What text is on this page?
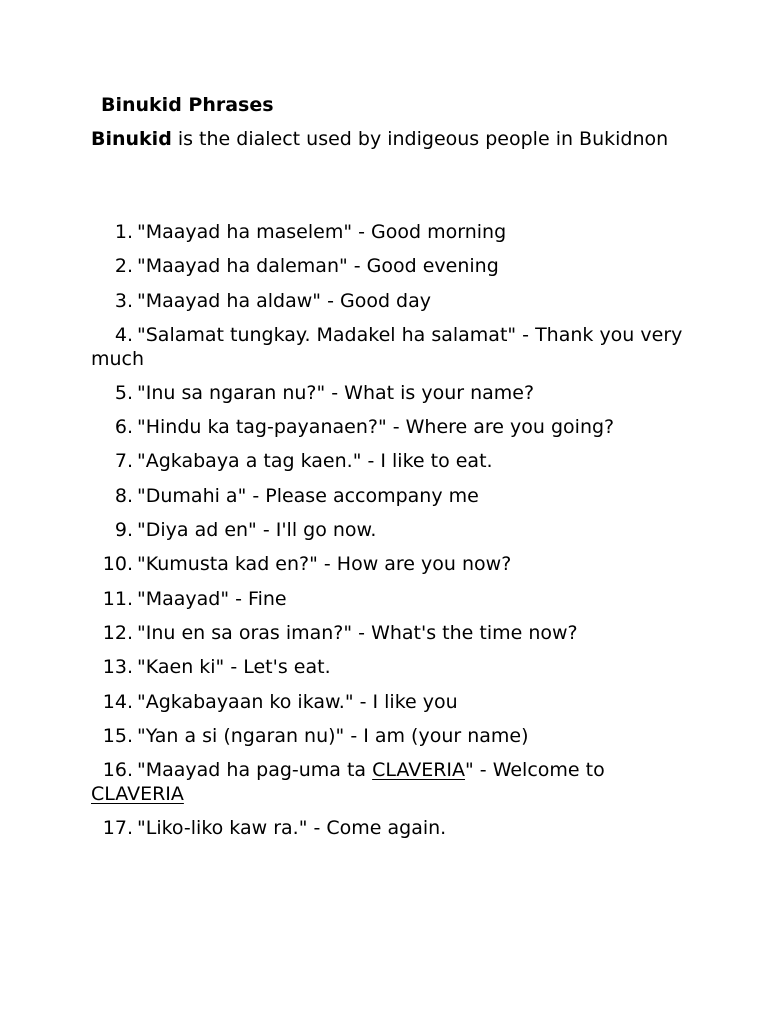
Binukid Phrases
Binukid is the dialect used by indigeous people in Bukidnon
1. "Maayad ha maselem" - Good morning
2. "Maayad ha daleman" - Good evening
3. "Maayad ha aldaw" - Good day
4. "Salamat tungkay. Madakel ha salamat" - Thank you very much
5. "Inu sa ngaran nu?" - What is your name?
6. "Hindu ka tag-payanaen?" - Where are you going?
7. "Agkabaya a tag kaen." - I like to eat.
8. "Dumahi a" - Please accompany me
9. "Diya ad en" - I'll go now.
10. "Kumusta kad en?" - How are you now?
11. "Maayad" - Fine
12. "Inu en sa oras iman?" - What's the time now?
13. "Kaen ki" - Let's eat.
14. "Agkabayaan ko ikaw." - I like you
15. "Yan a si (ngaran nu)" - I am (your name)
16. "Maayad ha pag-uma ta CLAVERIA" - Welcome to CLAVERIA
17. "Liko-liko kaw ra." - Come again.
